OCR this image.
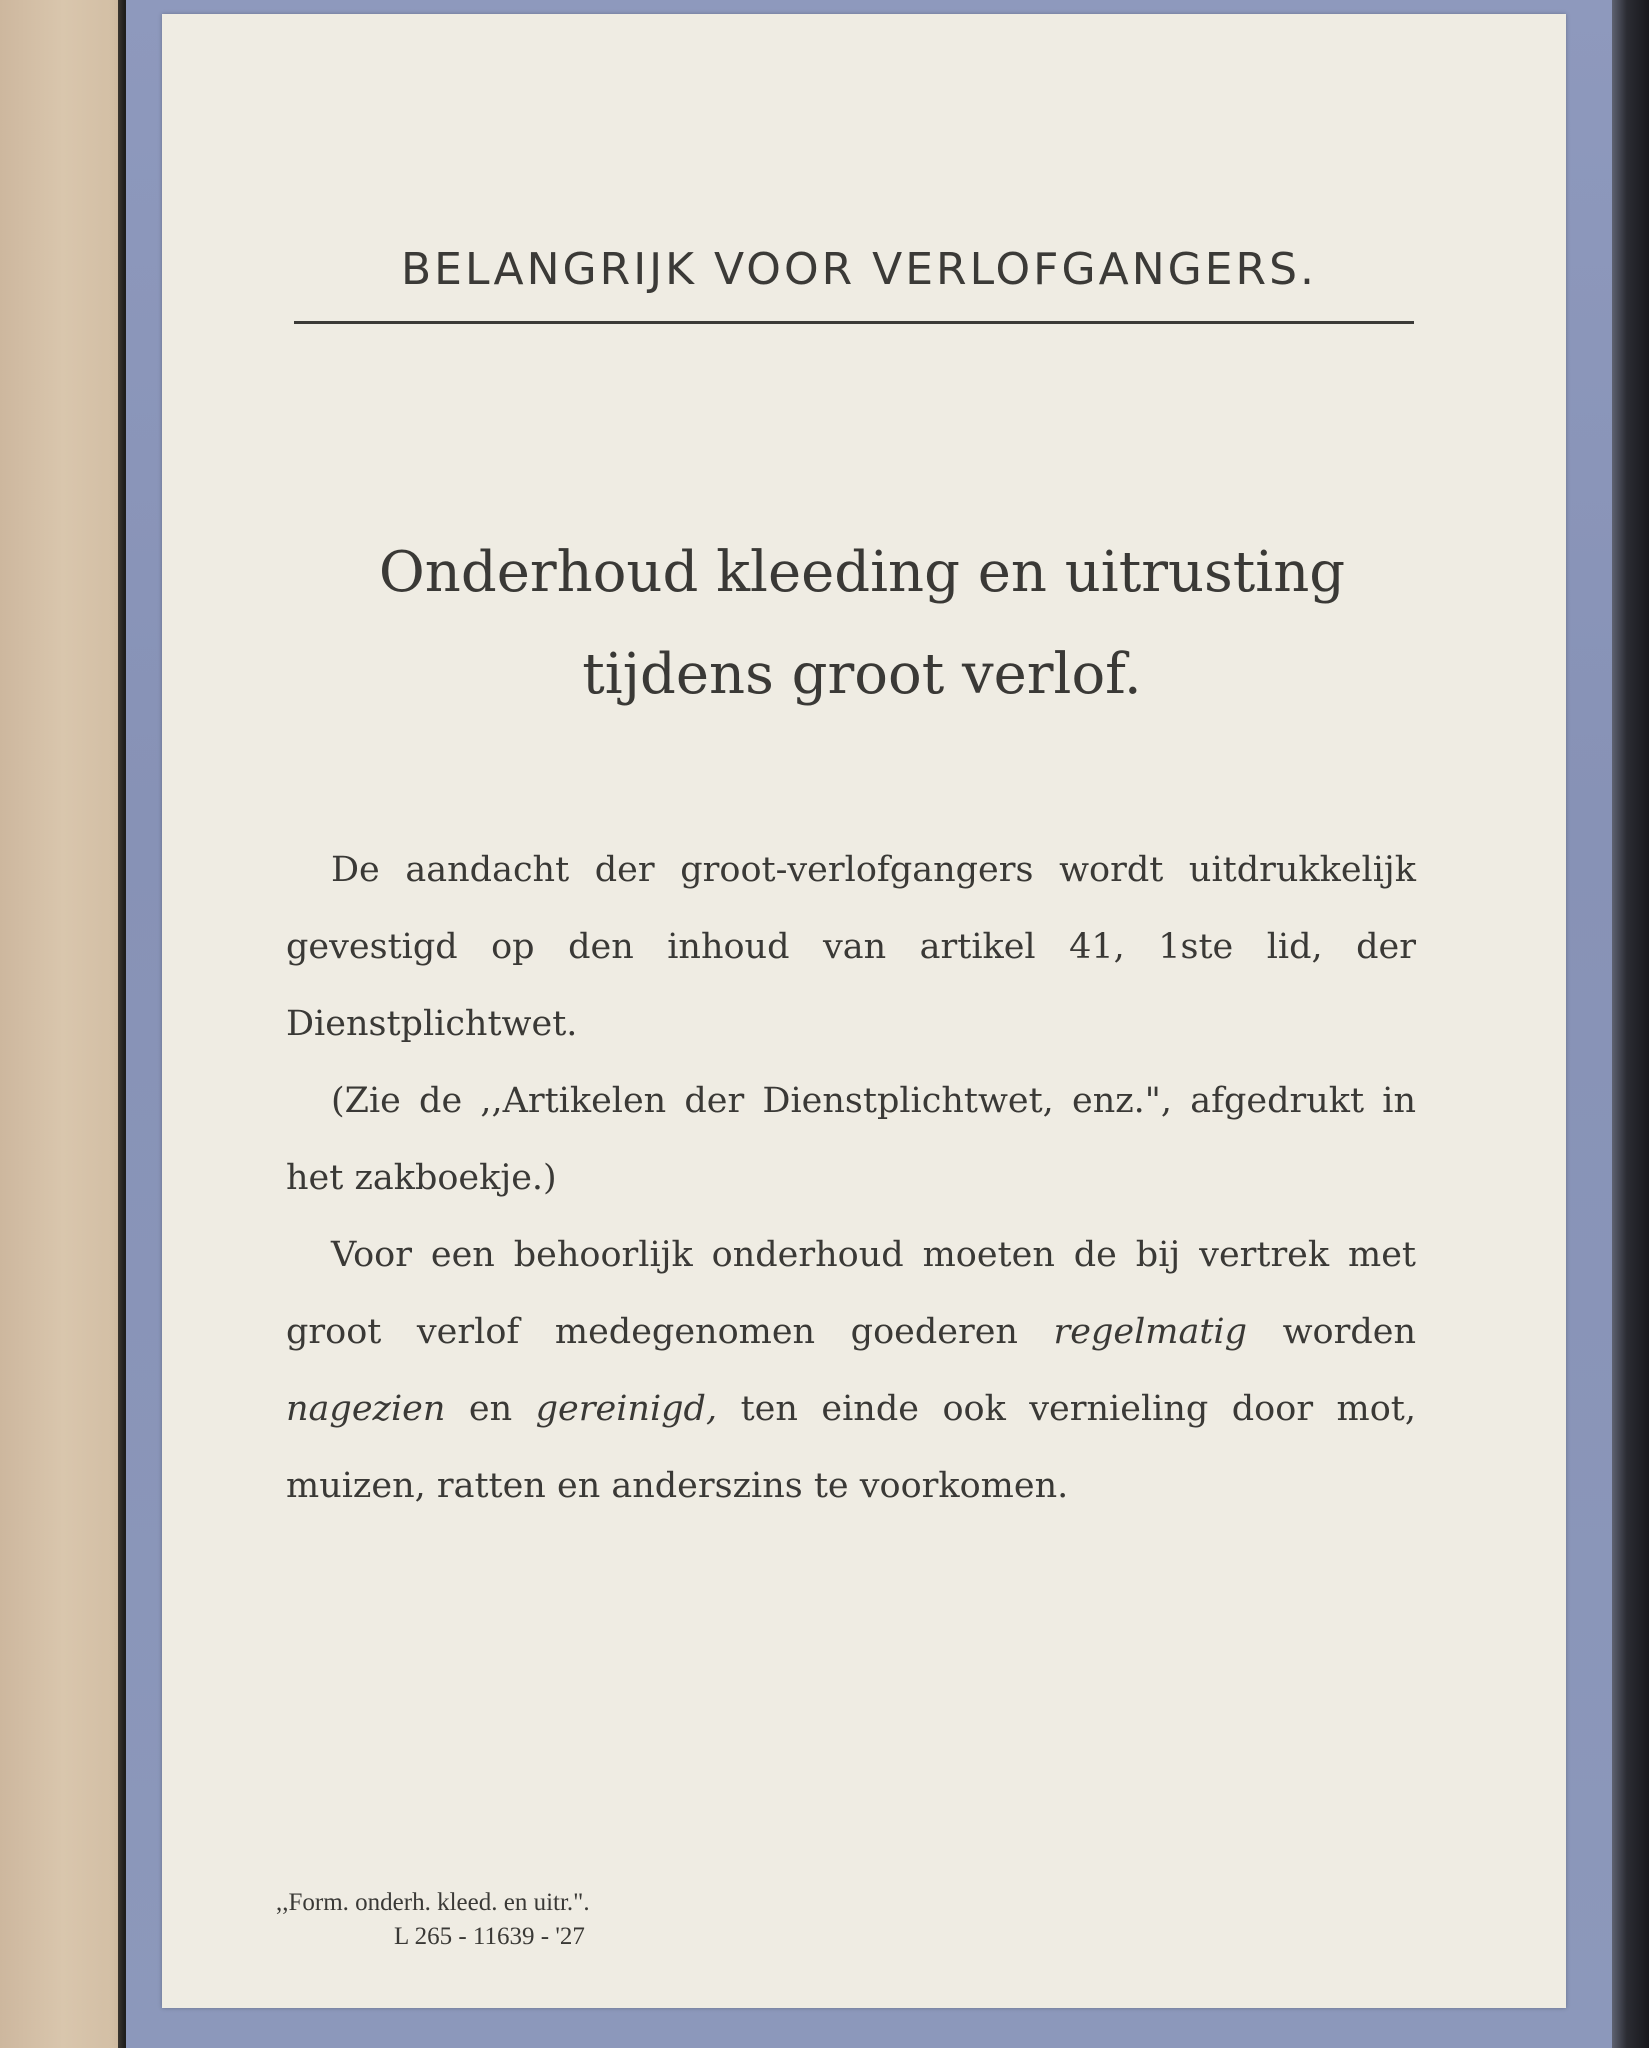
BELANGRIJK VOOR VERLOFGANGERS.
Onderhoud kleeding en uitrusting
tijdens groot verlof.

De aandacht der groot-verlofgangers wordt uitdrukkelijk gevestigd op den inhoud van artikel 41, 1ste lid, der Dienstplichtwet.

(Zie de ,,Artikelen der Dienstplichtwet, enz.", afgedrukt in het zakboekje.)

Voor een behoorlijk onderhoud moeten de bij vertrek met groot verlof medegenomen goederen regelmatig worden nagezien en gereinigd, ten einde ook vernieling door mot, muizen, ratten en anderszins te voorkomen.

,,Form. onderh. kleed. en uitr.".
L 265 - 11639 - '27
